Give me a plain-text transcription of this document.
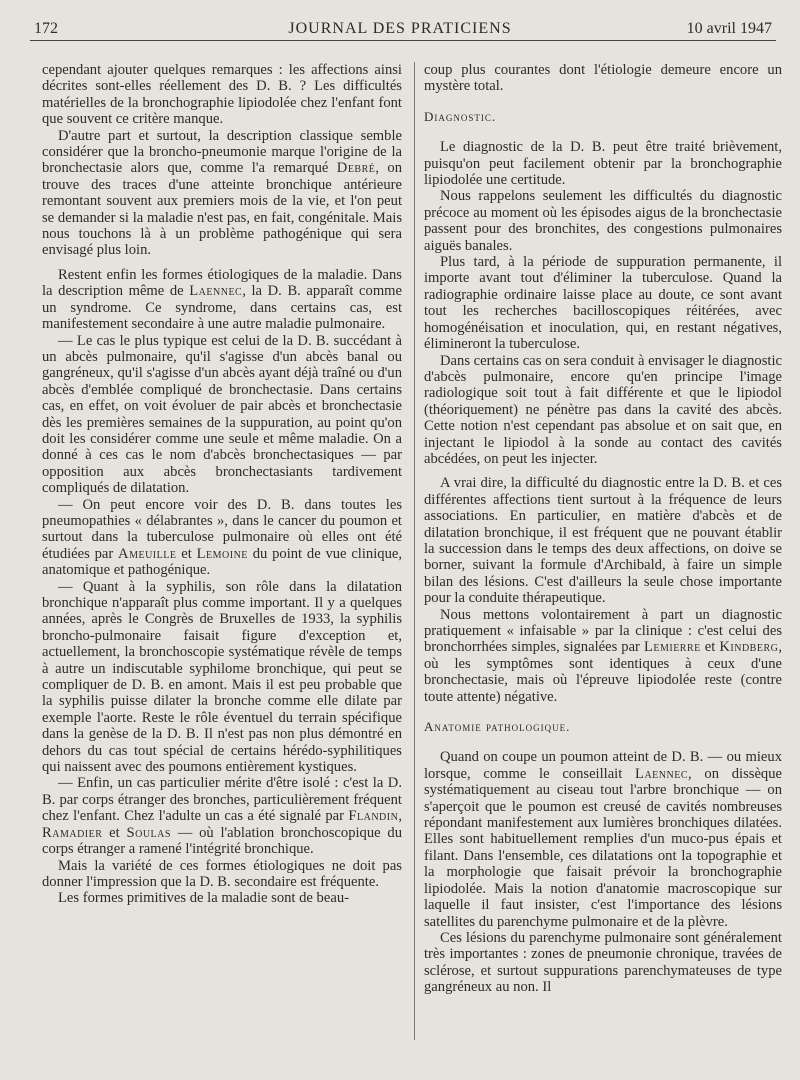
172	JOURNAL DES PRATICIENS	10 avril 1947

cependant ajouter quelques remarques : les affections ainsi décrites sont-elles réellement des D. B. ? Les difficultés matérielles de la bronchographie lipiodolée chez l'enfant font que souvent ce critère manque.

D'autre part et surtout, la description classique semble considérer que la broncho-pneumonie marque l'origine de la bronchectasie alors que, comme l'a remarqué Debré, on trouve des traces d'une atteinte bronchique antérieure remontant souvent aux premiers mois de la vie, et l'on peut se demander si la maladie n'est pas, en fait, congénitale. Mais nous touchons là à un problème pathogénique qui sera envisagé plus loin.

Restent enfin les formes étiologiques de la maladie. Dans la description même de Laennec, la D. B. apparaît comme un syndrome. Ce syndrome, dans certains cas, est manifestement secondaire à une autre maladie pulmonaire.

— Le cas le plus typique est celui de la D. B. succédant à un abcès pulmonaire, qu'il s'agisse d'un abcès banal ou gangréneux, qu'il s'agisse d'un abcès ayant déjà traîné ou d'un abcès d'emblée compliqué de bronchectasie. Dans certains cas, en effet, on voit évoluer de pair abcès et bronchectasie dès les premières semaines de la suppuration, au point qu'on doit les considérer comme une seule et même maladie. On a donné à ces cas le nom d'abcès bronchectasiques — par opposition aux abcès bronchectasiants tardivement compliqués de dilatation.

— On peut encore voir des D. B. dans toutes les pneumopathies « délabrantes », dans le cancer du poumon et surtout dans la tuberculose pulmonaire où elles ont été étudiées par Ameuille et Lemoine du point de vue clinique, anatomique et pathogénique.

— Quant à la syphilis, son rôle dans la dilatation bronchique n'apparaît plus comme important. Il y a quelques années, après le Congrès de Bruxelles de 1933, la syphilis broncho-pulmonaire faisait figure d'exception et, actuellement, la bronchoscopie systématique révèle de temps à autre un indiscutable syphilome bronchique, qui peut se compliquer de D. B. en amont. Mais il est peu probable que la syphilis puisse dilater la bronche comme elle dilate par exemple l'aorte. Reste le rôle éventuel du terrain spécifique dans la genèse de la D. B. Il n'est pas non plus démontré en dehors du cas tout spécial de certains hérédo-syphilitiques qui naissent avec des poumons entièrement kystiques.

— Enfin, un cas particulier mérite d'être isolé : c'est la D. B. par corps étranger des bronches, particulièrement fréquent chez l'enfant. Chez l'adulte un cas a été signalé par Flandin, Ramadier et Soulas — où l'ablation bronchoscopique du corps étranger a ramené l'intégrité bronchique.

Mais la variété de ces formes étiologiques ne doit pas donner l'impression que la D. B. secondaire est fréquente.

Les formes primitives de la maladie sont de beau-

coup plus courantes dont l'étiologie demeure encore un mystère total.

Diagnostic.

Le diagnostic de la D. B. peut être traité brièvement, puisqu'on peut facilement obtenir par la bronchographie lipiodolée une certitude.

Nous rappelons seulement les difficultés du diagnostic précoce au moment où les épisodes aigus de la bronchectasie passent pour des bronchites, des congestions pulmonaires aiguës banales.

Plus tard, à la période de suppuration permanente, il importe avant tout d'éliminer la tuberculose. Quand la radiographie ordinaire laisse place au doute, ce sont avant tout les recherches bacilloscopiques réitérées, avec homogénéisation et inoculation, qui, en restant négatives, élimineront la tuberculose.

Dans certains cas on sera conduit à envisager le diagnostic d'abcès pulmonaire, encore qu'en principe l'image radiologique soit tout à fait différente et que le lipiodol (théoriquement) ne pénètre pas dans la cavité des abcès. Cette notion n'est cependant pas absolue et on sait que, en injectant le lipiodol à la sonde au contact des cavités abcédées, on peut les injecter.

A vrai dire, la difficulté du diagnostic entre la D. B. et ces différentes affections tient surtout à la fréquence de leurs associations. En particulier, en matière d'abcès et de dilatation bronchique, il est fréquent que ne pouvant établir la succession dans le temps des deux affections, on doive se borner, suivant la formule d'Archibald, à faire un simple bilan des lésions. C'est d'ailleurs la seule chose importante pour la conduite thérapeutique.

Nous mettons volontairement à part un diagnostic pratiquement « infaisable » par la clinique : c'est celui des bronchorrhées simples, signalées par Lemierre et Kindberg, où les symptômes sont identiques à ceux d'une bronchectasie, mais où l'épreuve lipiodolée reste (contre toute attente) négative.

Anatomie pathologique.

Quand on coupe un poumon atteint de D. B. — ou mieux lorsque, comme le conseillait Laennec, on dissèque systématiquement au ciseau tout l'arbre bronchique — on s'aperçoit que le poumon est creusé de cavités nombreuses répondant manifestement aux lumières bronchiques dilatées. Elles sont habituellement remplies d'un muco-pus épais et filant. Dans l'ensemble, ces dilatations ont la topographie et la morphologie que faisait prévoir la bronchographie lipiodolée. Mais la notion d'anatomie macroscopique sur laquelle il faut insister, c'est l'importance des lésions satellites du parenchyme pulmonaire et de la plèvre.

Ces lésions du parenchyme pulmonaire sont généralement très importantes : zones de pneumonie chronique, travées de sclérose, et surtout suppurations parenchymateuses de type gangréneux au non. Il
